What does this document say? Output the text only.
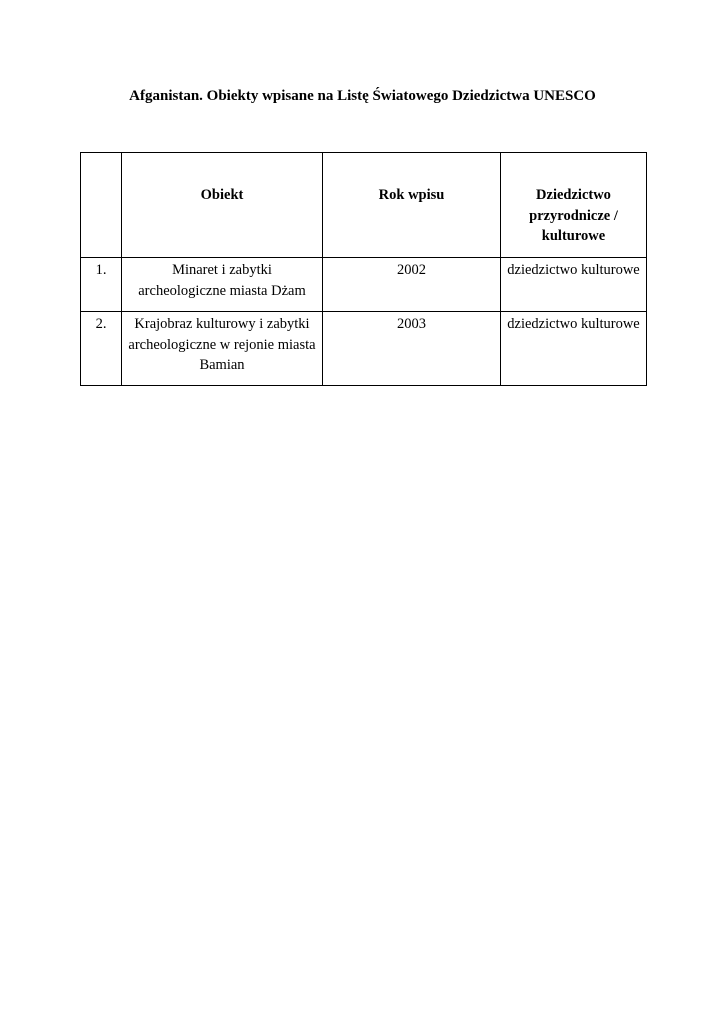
Afganistan. Obiekty wpisane na Listę Światowego Dziedzictwa UNESCO
	Obiekt	Rok wpisu	Dziedzictwo przyrodnicze / kulturowe
1.	Minaret i zabytki archeologiczne miasta Dżam	2002	dziedzictwo kulturowe
2.	Krajobraz kulturowy i zabytki archeologiczne w rejonie miasta Bamian	2003	dziedzictwo kulturowe
